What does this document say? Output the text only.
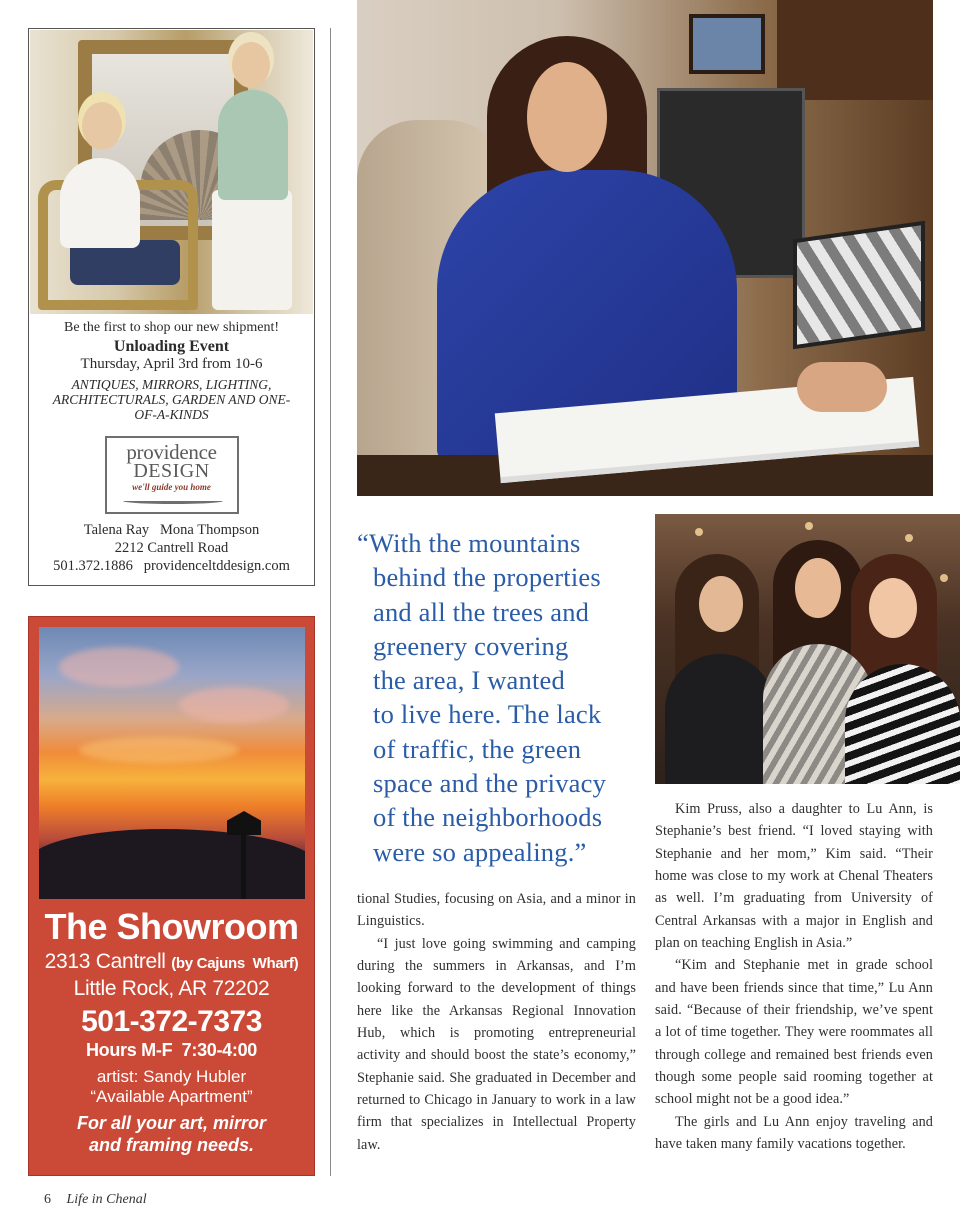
Be the first to shop our new shipment!
Unloading Event
Thursday, April 3rd from 10-6
ANTIQUES, MIRRORS, LIGHTING, ARCHITECTURALS, GARDEN AND ONE-OF-A-KINDS
providence
DESIGN
we'll guide you home
Talena Ray   Mona Thompson
2212 Cantrell Road
501.372.1886   providenceltddesign.com
The Showroom
2313 Cantrell (by Cajuns  Wharf)
Little Rock, AR 72202
501-372-7373
Hours M-F  7:30-4:00
artist: Sandy Hubler
“Available Apartment”
For all your art, mirror
and framing needs.
6 Life in Chenal
“With the mountains
behind the properties
and all the trees and
greenery covering
the area, I wanted
to live here. The lack
of traffic, the green
space and the privacy
of the neighborhoods
were so appealing.”

tional Studies, focusing on Asia, and a minor in Linguistics.

“I just love going swimming and camping during the summers in Arkansas, and I’m looking forward to the development of things here like the Arkansas Regional Innovation Hub, which is promoting entrepreneurial activity and should boost the state’s economy,” Stephanie said. She graduated in December and returned to Chicago in January to work in a law firm that specializes in Intellectual Property law.

Kim Pruss, also a daughter to Lu Ann, is Stephanie’s best friend. “I loved staying with Stephanie and her mom,” Kim said. “Their home was close to my work at Chenal Theaters as well. I’m graduating from University of Central Arkansas with a major in English and plan on teaching English in Asia.”

“Kim and Stephanie met in grade school and have been friends since that time,” Lu Ann said. “Because of their friendship, we’ve spent a lot of time together. They were roommates all through college and remained best friends even though some people said rooming together at school might not be a good idea.”

The girls and Lu Ann enjoy traveling and have taken many family vacations together.
